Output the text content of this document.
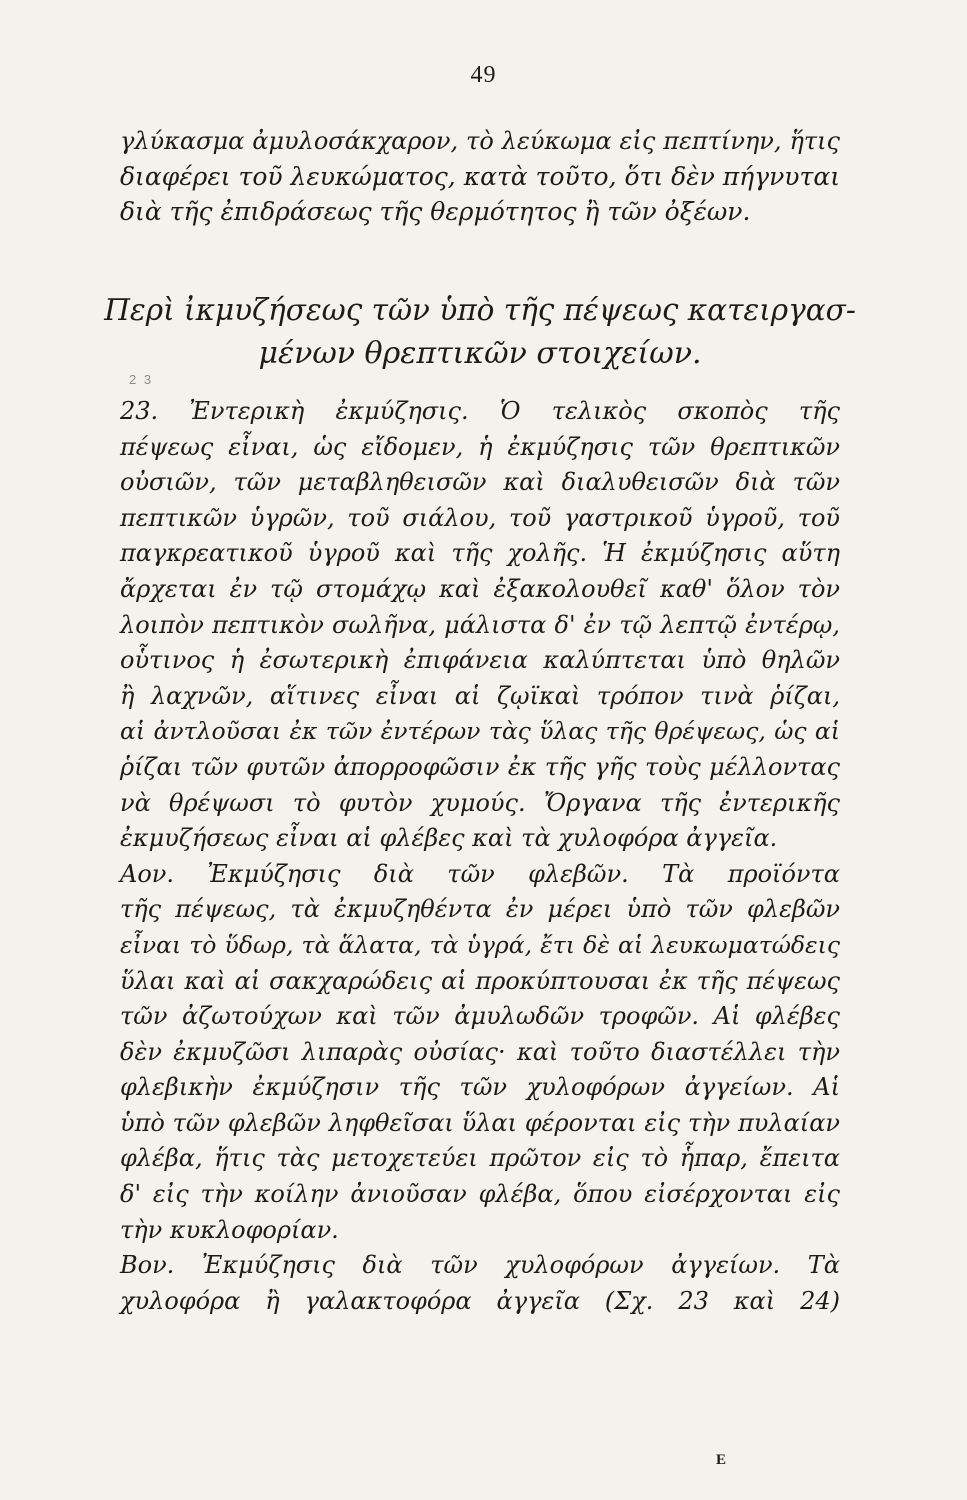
49
γλύκασμα ἀμυλοσάκχαρον, τὸ λεύκωμα εἰς πεπτίνην, ἥτις
διαφέρει τοῦ λευκώματος, κατὰ τοῦτο, ὅτι δὲν πήγνυται
διὰ τῆς ἐπιδράσεως τῆς θερμότητος ἢ τῶν ὀξέων.
Περὶ ἰκμυζήσεως τῶν ὑπὸ τῆς πέψεως κατειργασ-
μένων θρεπτικῶν στοιχείων.
2 3
23. Ἐντερικὴ ἐκμύζησις. Ὁ τελικὸς σκοπὸς τῆς
πέψεως εἶναι, ὡς εἴδομεν, ἡ ἐκμύζησις τῶν θρεπτικῶν
οὐσιῶν, τῶν μεταβληθεισῶν καὶ διαλυθεισῶν διὰ τῶν
πεπτικῶν ὑγρῶν, τοῦ σιάλου, τοῦ γαστρικοῦ ὑγροῦ, τοῦ
παγκρεατικοῦ ὑγροῦ καὶ τῆς χολῆς. Ἡ ἐκμύζησις αὕτη
ἄρχεται ἐν τῷ στομάχῳ καὶ ἐξακολουθεῖ καθ' ὅλον τὸν
λοιπὸν πεπτικὸν σωλῆνα, μάλιστα δ' ἐν τῷ λεπτῷ ἐντέρῳ,
οὗτινος ἡ ἐσωτερικὴ ἐπιφάνεια καλύπτεται ὑπὸ θηλῶν
ἢ λαχνῶν, αἵτινες εἶναι αἱ ζῳϊκαὶ τρόπον τινὰ ῥίζαι,
αἱ ἀντλοῦσαι ἐκ τῶν ἐντέρων τὰς ὕλας τῆς θρέψεως, ὡς αἱ
ῥίζαι τῶν φυτῶν ἀπορροφῶσιν ἐκ τῆς γῆς τοὺς μέλλοντας
νὰ θρέψωσι τὸ φυτὸν χυμούς. Ὄργανα τῆς ἐντερικῆς
ἐκμυζήσεως εἶναι αἱ φλέβες καὶ τὰ χυλοφόρα ἀγγεῖα.
Αον. Ἐκμύζησις διὰ τῶν φλεβῶν. Τὰ προϊόντα
τῆς πέψεως, τὰ ἐκμυζηθέντα ἐν μέρει ὑπὸ τῶν φλεβῶν
εἶναι τὸ ὕδωρ, τὰ ἅλατα, τὰ ὑγρά, ἔτι δὲ αἱ λευκωματώδεις
ὕλαι καὶ αἱ σακχαρώδεις αἱ προκύπτουσαι ἐκ τῆς πέψεως
τῶν ἀζωτούχων καὶ τῶν ἀμυλωδῶν τροφῶν. Αἱ φλέβες
δὲν ἐκμυζῶσι λιπαρὰς οὐσίας· καὶ τοῦτο διαστέλλει τὴν
φλεβικὴν ἐκμύζησιν τῆς τῶν χυλοφόρων ἀγγείων. Αἱ
ὑπὸ τῶν φλεβῶν ληφθεῖσαι ὕλαι φέρονται εἰς τὴν πυλαίαν
φλέβα, ἥτις τὰς μετοχετεύει πρῶτον εἰς τὸ ἧπαρ, ἔπειτα
δ' εἰς τὴν κοίλην ἀνιοῦσαν φλέβα, ὅπου εἰσέρχονται εἰς
τὴν κυκλοφορίαν.
Βον. Ἐκμύζησις διὰ τῶν χυλοφόρων ἀγγείων. Τὰ
χυλοφόρα ἢ γαλακτοφόρα ἀγγεῖα (Σχ. 23 καὶ 24)
Ε
